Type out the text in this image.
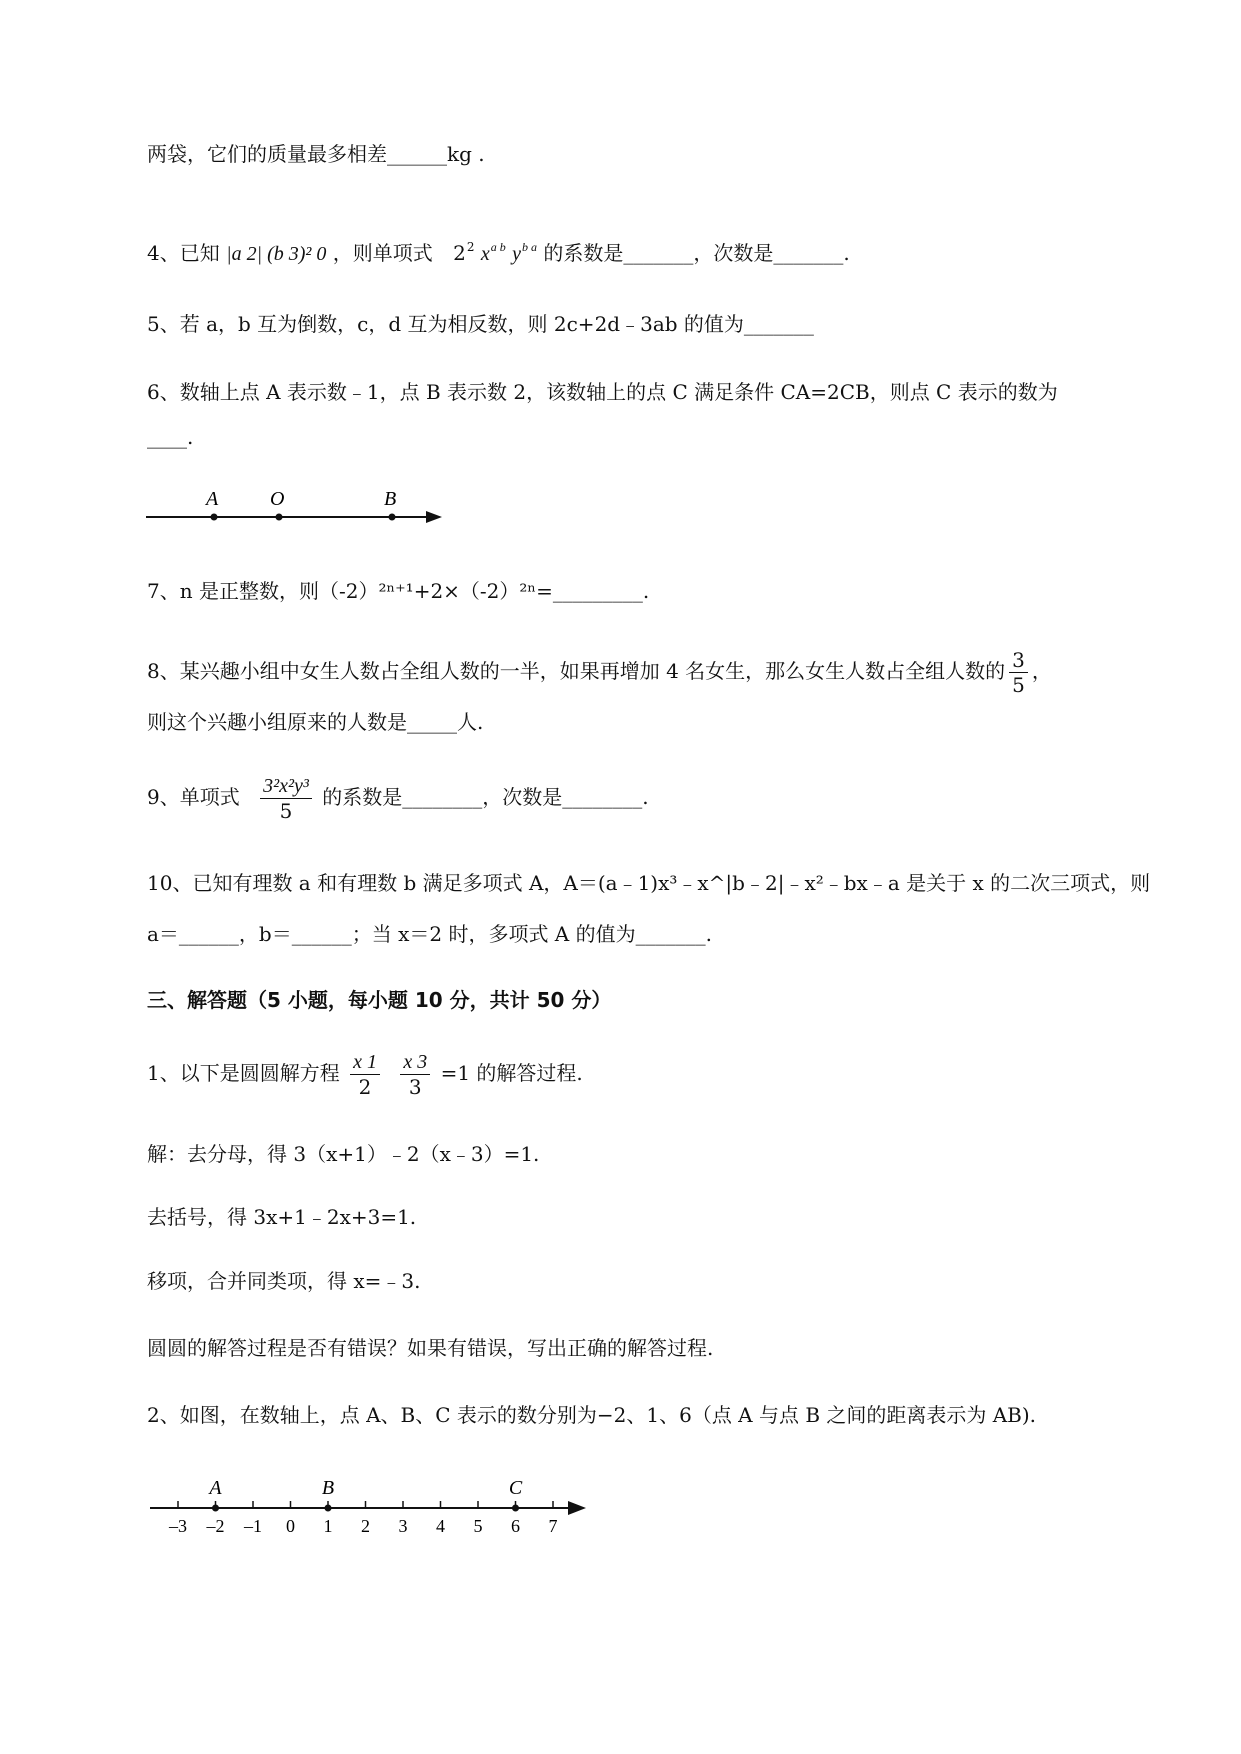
两袋，它们的质量最多相差______kg .
4、已知 |a 2| (b 3)² 0 ，则单项式 $2^2$ $x^{a b}$ $y^{b a}$ 的系数是_______，次数是_______.
5、若 a，b 互为倒数，c，d 互为相反数，则 2c+2d﹣3ab 的值为_______
6、数轴上点 A 表示数﹣1，点 B 表示数 2，该数轴上的点 C 满足条件 CA=2CB，则点 C 表示的数为
____.
A	O	B
7、n 是正整数，则（-2）²ⁿ⁺¹+2×（-2）²ⁿ=_________.
8、某兴趣小组中女生人数占全组人数的一半，如果再增加 4 名女生，那么女生人数占全组人数的 $\frac{3}{5}$ ，
则这个兴趣小组原来的人数是_____人.
9、单项式 $\frac{\text{3²x²y³}}{5}$ 的系数是________，次数是________.
10、已知有理数 a 和有理数 b 满足多项式 A，A＝(a﹣1)x³﹣x^|b﹣2|﹣x²﹣bx﹣a 是关于 x 的二次三项式，则
a＝______，b＝______；当 x＝2 时，多项式 A 的值为_______.
三、解答题（5 小题，每小题 10 分，共计 50 分）
1、以下是圆圆解方程 $\frac{x 1}{2}$
$\frac{x 3}{3} =1$ 的解答过程.
解：去分母，得 3（x+1）﹣2（x﹣3）=1.
去括号，得 3x+1﹣2x+3=1.
移项，合并同类项，得 x=﹣3.
圆圆的解答过程是否有错误？如果有错误，写出正确的解答过程.
2、如图，在数轴上，点 A、B、C 表示的数分别为−2、1、6（点 A 与点 B 之间的距离表示为 AB).
–3 –2 –1 0 1 2 3 4 5 6 7
A	B	C
